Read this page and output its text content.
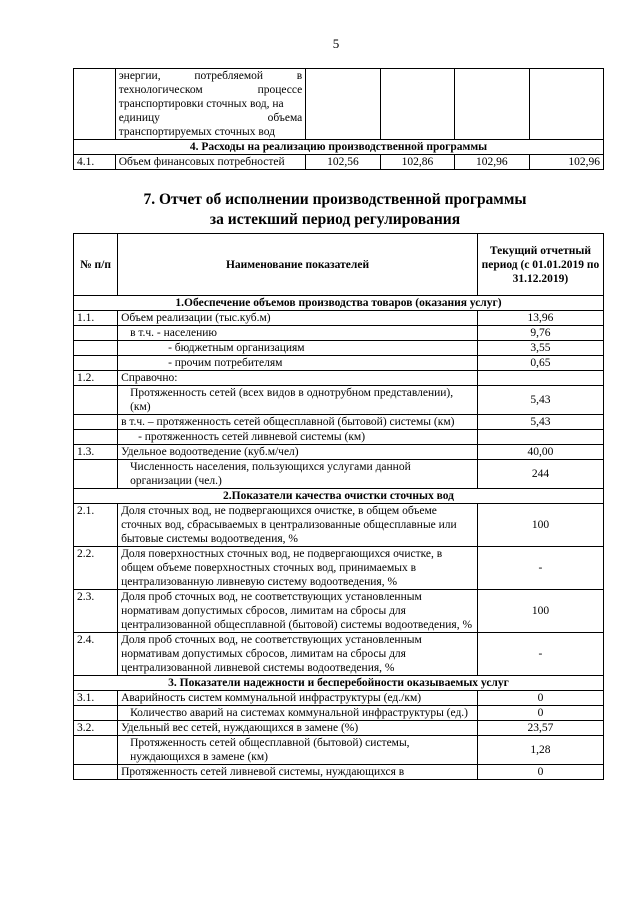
5

	энергии, потребляемой в
технологическом процессе
транспортировки сточных вод, на
единицу объема
транспортируемых сточных вод				

4. Расходы на реализацию производственной программы					
4.1.	Объем финансовых потребностей	102,56	102,86	102,96	102,96
7. Отчет об исполнении производственной программы
за истекший период регулирования
№ п/п	Наименование показателей	Текущий отчетный период (с 01.01.2019 по 31.12.2019)
1.Обеспечение объемов производства товаров (оказания услуг)		
1.1.	Объем реализации (тыс.куб.м)	13,96
	в т.ч. - населению	9,76
	- бюджетным организациям	3,55
	- прочим потребителям	0,65
1.2.	Справочно:	
	Протяженность сетей (всех видов в однотрубном представлении), (км)	5,43
	в т.ч. – протяженность сетей общесплавной (бытовой) системы (км)	5,43
	- протяженность сетей ливневой системы (км)	
1.3.	Удельное водоотведение (куб.м/чел)	40,00
	Численность населения, пользующихся услугами данной организации (чел.)	244
2.Показатели качества очистки сточных вод		
2.1.	Доля сточных вод, не подвергающихся очистке, в общем объеме сточных вод, сбрасываемых в централизованные общесплавные или бытовые системы водоотведения, %	100
2.2.	Доля поверхностных сточных вод, не подвергающихся очистке, в общем объеме поверхностных сточных вод, принимаемых в централизованную ливневую систему водоотведения, %	-
2.3.	Доля проб сточных вод, не соответствующих установленным нормативам допустимых сбросов, лимитам на сбросы для централизованной общесплавной (бытовой) системы водоотведения, %	100
2.4.	Доля проб сточных вод, не соответствующих установленным нормативам допустимых сбросов, лимитам на сбросы для централизованной ливневой системы водоотведения, %	-
3. Показатели надежности и бесперебойности оказываемых услуг		
3.1.	Аварийность систем коммунальной инфраструктуры (ед./км)	0
	Количество аварий на системах коммунальной инфраструктуры (ед.)	0
3.2.	Удельный вес сетей, нуждающихся в замене (%)	23,57
	Протяженность сетей общесплавной (бытовой) системы, нуждающихся в замене (км)	1,28
	Протяженность сетей ливневой системы, нуждающихся в	0
